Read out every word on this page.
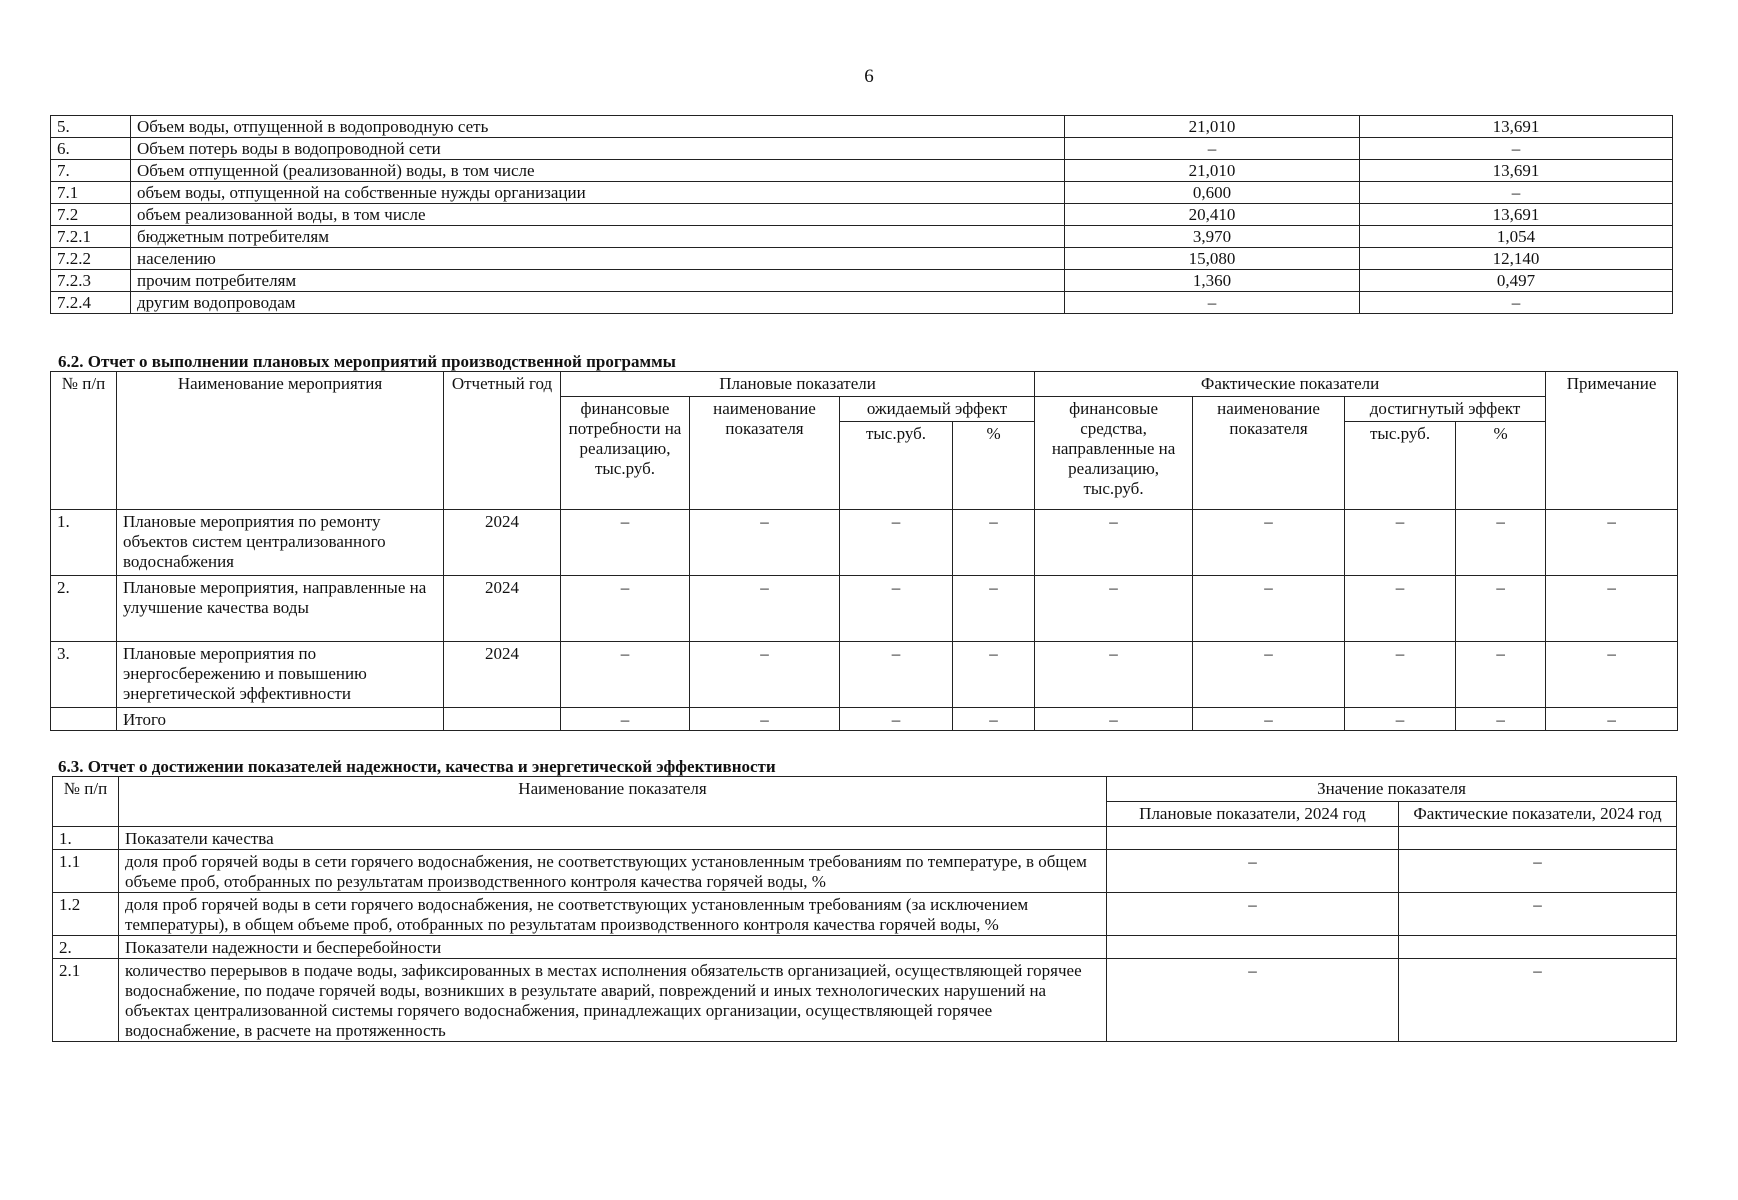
6
5.	Объем воды, отпущенной в водопроводную сеть	21,010	13,691
6.	Объем потерь воды в водопроводной сети	–	–
7.	Объем отпущенной (реализованной) воды, в том числе	21,010	13,691
7.1	объем воды, отпущенной на собственные нужды организации	0,600	–
7.2	объем реализованной воды, в том числе	20,410	13,691
7.2.1	бюджетным потребителям	3,970	1,054
7.2.2	населению	15,080	12,140
7.2.3	прочим потребителям	1,360	0,497
7.2.4	другим водопроводам	–	–
6.2. Отчет о выполнении плановых мероприятий производственной программы
№ п/п	Наименование мероприятия	Отчетный год	Плановые показатели				Фактические показатели				Примечание
			финансовые потребности на реализацию, тыс.руб.	наименование показателя	ожидаемый эффект		финансовые средства, направленные на реализацию, тыс.руб.	наименование показателя	достигнутый эффект		
					тыс.руб.	%			тыс.руб.	%	
1.	Плановые мероприятия по ремонту объектов систем централизованного водоснабжения	2024	–	–	–	–	–	–	–	–	–
2.	Плановые мероприятия, направленные на улучшение качества воды	2024	–	–	–	–	–	–	–	–	–
3.	Плановые мероприятия по энергосбережению и повышению энергетической эффективности	2024	–	–	–	–	–	–	–	–	–
	Итого		–	–	–	–	–	–	–	–	–
6.3. Отчет о достижении показателей надежности, качества и энергетической эффективности
№ п/п	Наименование показателя	Значение показателя	
		Плановые показатели, 2024 год	Фактические показатели, 2024 год
1.	Показатели качества		
1.1	доля проб горячей воды в сети горячего водоснабжения, не соответствующих установленным требованиям по температуре, в общем объеме проб, отобранных по результатам производственного контроля качества горячей воды, %	–	–
1.2	доля проб горячей воды в сети горячего водоснабжения, не соответствующих установленным требованиям (за исключением температуры), в общем объеме проб, отобранных по результатам производственного контроля качества горячей воды, %	–	–
2.	Показатели надежности и бесперебойности		
2.1	количество перерывов в подаче воды, зафиксированных в местах исполнения обязательств организацией, осуществляющей горячее водоснабжение, по подаче горячей воды, возникших в результате аварий, повреждений и иных технологических нарушений на объектах централизованной системы горячего водоснабжения, принадлежащих организации, осуществляющей горячее водоснабжение, в расчете на протяженность	–	–
